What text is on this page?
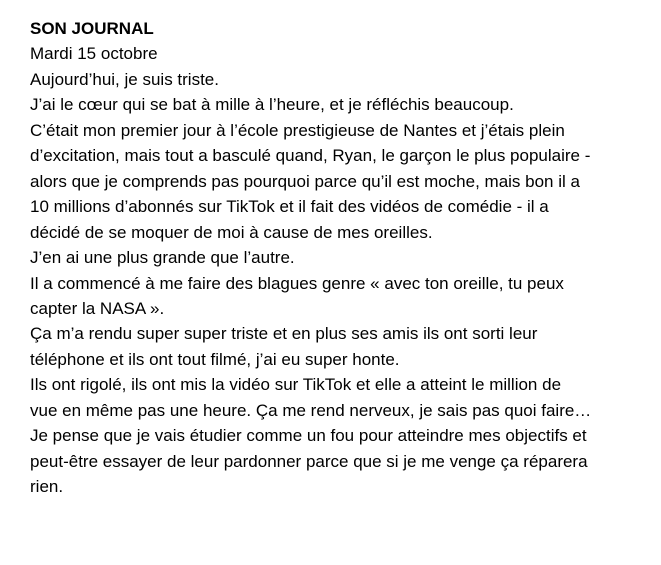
SON JOURNAL
Mardi 15 octobre
Aujourd’hui, je suis triste.
J’ai le cœur qui se bat à mille à l’heure, et je réfléchis beaucoup.
C’était mon premier jour à l’école prestigieuse de Nantes et j’étais plein
d’excitation, mais tout a basculé quand, Ryan, le garçon le plus populaire -
alors que je comprends pas pourquoi parce qu’il est moche, mais bon il a
10 millions d’abonnés sur TikTok et il fait des vidéos de comédie - il a
décidé de se moquer de moi à cause de mes oreilles.
J’en ai une plus grande que l’autre.
Il a commencé à me faire des blagues genre « avec ton oreille, tu peux
capter la NASA ».
Ça m’a rendu super super triste et en plus ses amis ils ont sorti leur
téléphone et ils ont tout filmé, j’ai eu super honte.
Ils ont rigolé, ils ont mis la vidéo sur TikTok et elle a atteint le million de
vue en même pas une heure. Ça me rend nerveux, je sais pas quoi faire…
Je pense que je vais étudier comme un fou pour atteindre mes objectifs et
peut-être essayer de leur pardonner parce que si je me venge ça réparera
rien.
